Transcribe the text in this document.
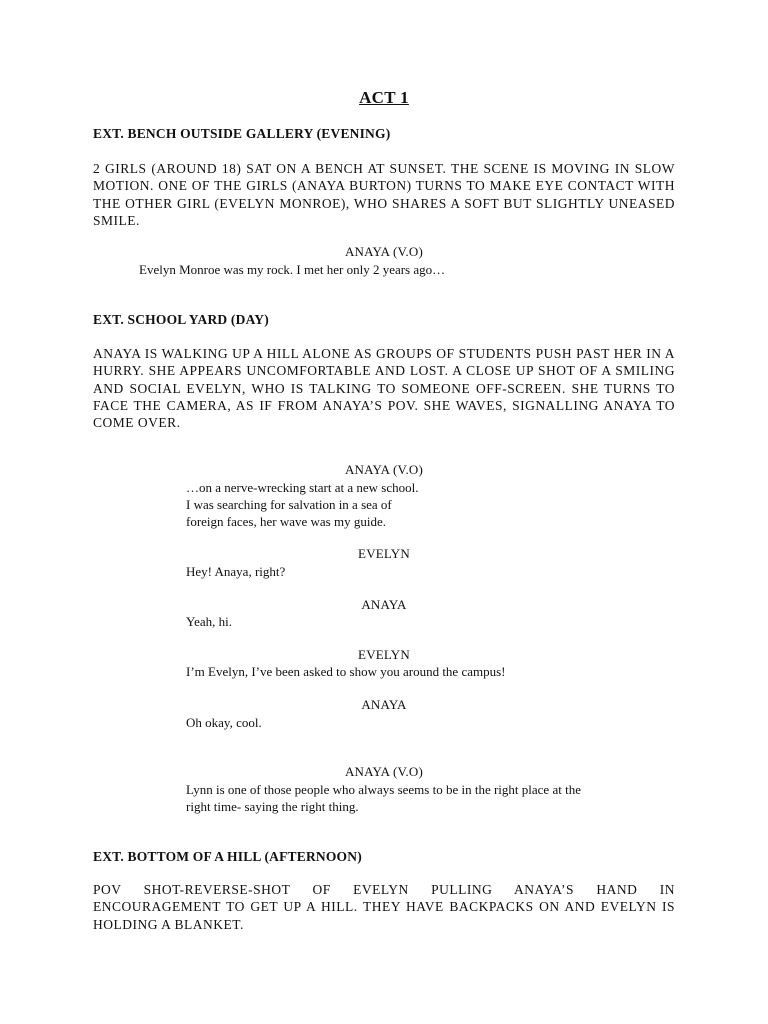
ACT 1
EXT. BENCH OUTSIDE GALLERY (EVENING)
2 GIRLS (AROUND 18) SAT ON A BENCH AT SUNSET. THE SCENE IS MOVING IN SLOW MOTION. ONE OF THE GIRLS (ANAYA BURTON) TURNS TO MAKE EYE CONTACT WITH THE OTHER GIRL (EVELYN MONROE), WHO SHARES A SOFT BUT SLIGHTLY UNEASED SMILE.
ANAYA (V.O)
Evelyn Monroe was my rock. I met her only 2 years ago…
EXT. SCHOOL YARD (DAY)
ANAYA IS WALKING UP A HILL ALONE AS GROUPS OF STUDENTS PUSH PAST HER IN A HURRY. SHE APPEARS UNCOMFORTABLE AND LOST. A CLOSE UP SHOT OF A SMILING AND SOCIAL EVELYN, WHO IS TALKING TO SOMEONE OFF-SCREEN. SHE TURNS TO FACE THE CAMERA, AS IF FROM ANAYA’S POV. SHE WAVES, SIGNALLING ANAYA TO COME OVER.
ANAYA (V.O)
…on a nerve-wrecking start at a new school.
I was searching for salvation in a sea of
foreign faces, her wave was my guide.
EVELYN
Hey! Anaya, right?
ANAYA
Yeah, hi.
EVELYN
I’m Evelyn, I’ve been asked to show you around the campus!
ANAYA
Oh okay, cool.
ANAYA (V.O)
Lynn is one of those people who always seems to be in the right place at the
right time- saying the right thing.
EXT. BOTTOM OF A HILL (AFTERNOON)
POV SHOT-REVERSE-SHOT OF EVELYN PULLING ANAYA’S HAND IN ENCOURAGEMENT TO GET UP A HILL. THEY HAVE BACKPACKS ON AND EVELYN IS HOLDING A BLANKET.
